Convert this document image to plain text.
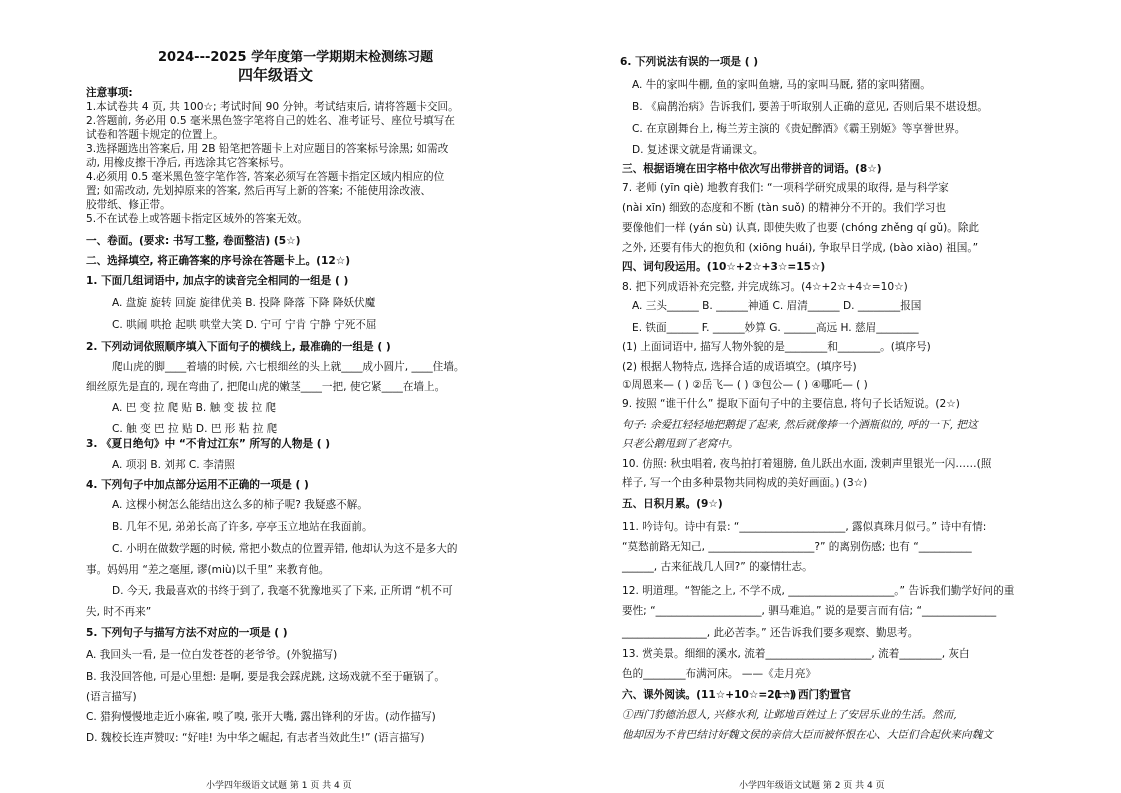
2024---2025 学年度第一学期期末检测练习题
四年级语文
注意事项:
1.本试卷共 4 页, 共 100☆; 考试时间 90 分钟。考试结束后, 请将答题卡交回。
2.答题前, 务必用 0.5 毫米黑色签字笔将自己的姓名、准考证号、座位号填写在
试卷和答题卡规定的位置上。
3.选择题选出答案后, 用 2B 铅笔把答题卡上对应题目的答案标号涂黑; 如需改
动, 用橡皮擦干净后, 再选涂其它答案标号。
4.必须用 0.5 毫米黑色签字笔作答, 答案必须写在答题卡指定区域内相应的位
置; 如需改动, 先划掉原来的答案, 然后再写上新的答案; 不能使用涂改液、
胶带纸、修正带。
5.不在试卷上或答题卡指定区域外的答案无效。
一、卷面。(要求: 书写工整, 卷面整洁) (5☆)
二、选择填空, 将正确答案的序号涂在答题卡上。(12☆)
1. 下面几组词语中, 加点字的读音完全相同的一组是 ( )
A. 盘旋 旋转 回旋 旋律优美 B. 投降 降落 下降 降妖伏魔
C. 哄闹 哄抢 起哄 哄堂大笑 D. 宁可 宁肯 宁静 宁死不屈
2. 下列动词依照顺序填入下面句子的横线上, 最准确的一组是 ( )
爬山虎的脚____着墙的时候, 六七根细丝的头上就____成小圆片, ____住墙。
细丝原先是直的, 现在弯曲了, 把爬山虎的嫩茎____一把, 使它紧____在墙上。
A. 巴 变 拉 爬 贴 B. 触 变 拔 拉 爬
C. 触 变 巴 拉 贴 D. 巴 形 粘 拉 爬
3. 《夏日绝句》中 “不肯过江东” 所写的人物是 ( )
A. 项羽 B. 刘邦 C. 李清照
4. 下列句子中加点部分运用不正确的一项是 ( )
A. 这棵小树怎么能结出这么多的柿子呢? 我疑惑不解。
B. 几年不见, 弟弟长高了许多, 亭亭玉立地站在我面前。
C. 小明在做数学题的时候, 常把小数点的位置弄错, 他却认为这不是多大的
事。妈妈用 “差之毫厘, 谬(miù)以千里” 来教育他。
D. 今天, 我最喜欢的书终于到了, 我毫不犹豫地买了下来, 正所谓 “机不可
失, 时不再来”
5. 下列句子与描写方法不对应的一项是 ( )
A. 我回头一看, 是一位白发苍苍的老爷爷。(外貌描写)
B. 我没回答他, 可是心里想: 是啊, 要是我会踩虎跳, 这场戏就不至于砸锅了。
(语言描写)
C. 猎狗慢慢地走近小麻雀, 嗅了嗅, 张开大嘴, 露出锋利的牙齿。(动作描写)
D. 魏校长连声赞叹: “好哇! 为中华之崛起, 有志者当效此生!” (语言描写)
小学四年级语文试题 第 1 页 共 4 页
6. 下列说法有误的一项是 ( )
A. 牛的家叫牛棚, 鱼的家叫鱼塘, 马的家叫马厩, 猪的家叫猪圈。
B. 《扁鹊治病》告诉我们, 要善于听取别人正确的意见, 否则后果不堪设想。
C. 在京剧舞台上, 梅兰芳主演的《贵妃醉酒》《霸王别姬》等享誉世界。
D. 复述课文就是背诵课文。
三、根据语境在田字格中依次写出带拼音的词语。(8☆)
7. 老师 (yīn qiè) 地教育我们: “一项科学研究成果的取得, 是与科学家
(nài xīn) 细致的态度和不断 (tàn suǒ) 的精神分不开的。我们学习也
要像他们一样 (yán sù) 认真, 即使失败了也要 (chóng zhěng qí gǔ)。除此
之外, 还要有伟大的抱负和 (xiōng huái), 争取早日学成, (bào xiào) 祖国。”
四、词句段运用。(10☆+2☆+3☆=15☆)
8. 把下列成语补充完整, 并完成练习。(4☆+2☆+4☆=10☆)
A. 三头______ B. ______神通 C. 眉清______ D. ________报国
E. 铁面______ F. ______妙算 G. ______高远 H. 慈眉________
(1) 上面词语中, 描写人物外貌的是________和________。(填序号)
(2) 根据人物特点, 选择合适的成语填空。(填序号)
①周恩来— ( ) ②岳飞— ( ) ③包公— ( ) ④哪吒— ( )
9. 按照 “谁干什么” 提取下面句子中的主要信息, 将句子长话短说。(2☆)
10. 仿照: 秋虫唱着, 夜鸟拍打着翅膀, 鱼儿跃出水面, 泼刺声里银光一闪……(照
样子, 写一个由多种景物共同构成的美好画面。) (3☆)
五、日积月累。(9☆)
11. 吟诗句。诗中有景: “____________________, 露似真珠月似弓。” 诗中有情:
“莫愁前路无知己, ____________________?” 的离别伤感; 也有 “__________
______, 古来征战几人回?” 的豪情壮志。
12. 明道理。“智能之上, 不学不成, ____________________。” 告诉我们勤学好问的重
要性; “____________________, 驷马难追。” 说的是要言而有信; “______________
________________, 此必苦李。” 还告诉我们要多观察、勤思考。
13. 赏美景。细细的溪水, 流着____________________, 流着________, 灰白
色的________布满河床。 ——《走月亮》
六、课外阅读。(11☆+10☆=21☆)
句子: 余爱扛轻轻地把鹅提了起来, 然后就像捧一个酒瓶似的, 呼的一下, 把这
只老公鹅甩到了老窝中。
(一) 西门豹置官
①西门豹德治恩人, 兴修水利, 让邺地百姓过上了安居乐业的生活。然而,
他却因为不肯巴结讨好魏文侯的亲信大臣而被怀恨在心、大臣们合起伙来向魏文
小学四年级语文试题 第 2 页 共 4 页
